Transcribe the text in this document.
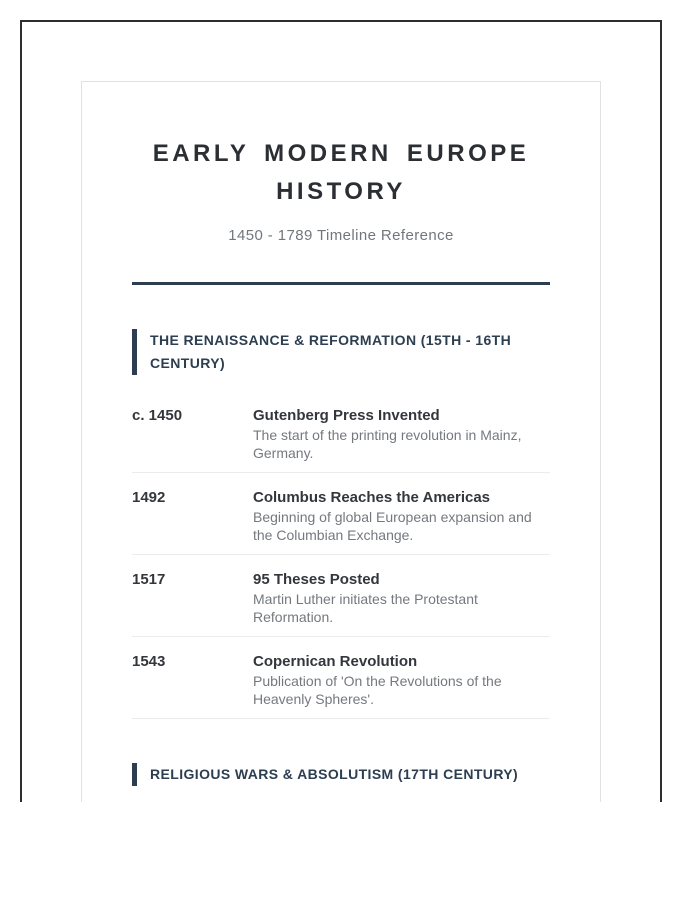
EARLY MODERN EUROPE HISTORY

1450 - 1789 Timeline Reference

THE RENAISSANCE & REFORMATION (15TH - 16TH CENTURY)
c. 1450	Gutenberg Press Invented
The start of the printing revolution in Mainz, Germany.
1492	Columbus Reaches the Americas
Beginning of global European expansion and the Columbian Exchange.
1517	95 Theses Posted
Martin Luther initiates the Protestant Reformation.
1543	Copernican Revolution
Publication of 'On the Revolutions of the Heavenly Spheres'.
RELIGIOUS WARS & ABSOLUTISM (17TH CENTURY)
